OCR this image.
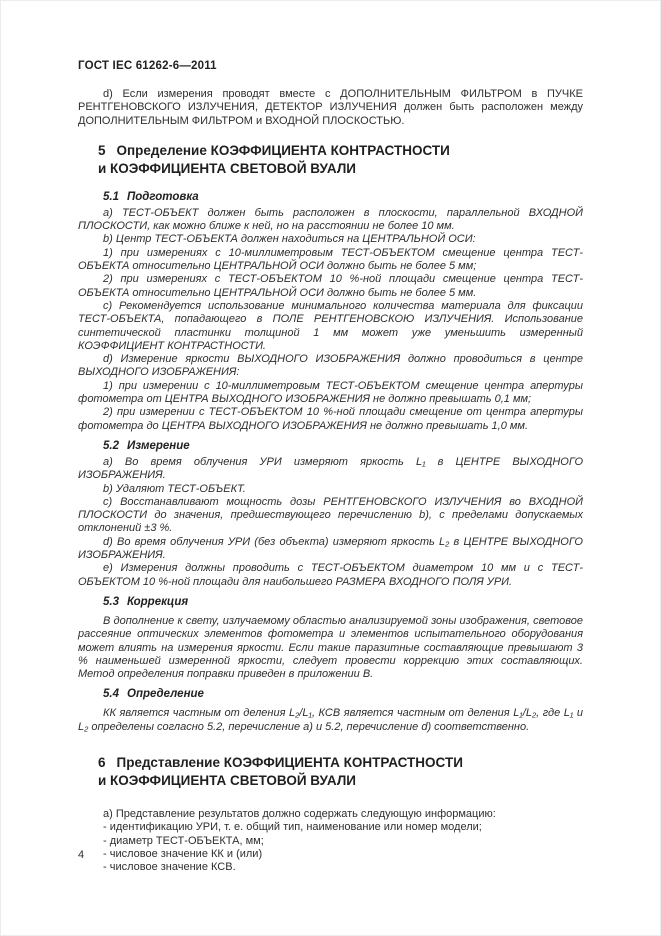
ГОСТ IEC 61262-6—2011

d) Если измерения проводят вместе с ДОПОЛНИТЕЛЬНЫМ ФИЛЬТРОМ в ПУЧКЕ РЕНТГЕНОВСКОГО ИЗЛУЧЕНИЯ, ДЕТЕКТОР ИЗЛУЧЕНИЯ должен быть расположен между ДОПОЛНИТЕЛЬНЫМ ФИЛЬТРОМ и ВХОДНОЙ ПЛОСКОСТЬЮ.

5 Определение КОЭФФИЦИЕНТА КОНТРАСТНОСТИ
и КОЭФФИЦИЕНТА СВЕТОВОЙ ВУАЛИ
5.1 Подготовка

a) ТЕСТ-ОБЪЕКТ должен быть расположен в плоскости, параллельной ВХОДНОЙ ПЛОСКОСТИ, как можно ближе к ней, но на расстоянии не более 10 мм.

b) Центр ТЕСТ-ОБЪЕКТА должен находиться на ЦЕНТРАЛЬНОЙ ОСИ:

1) при измерениях с 10-миллиметровым ТЕСТ-ОБЪЕКТОМ смещение центра ТЕСТ-ОБЪЕКТА относительно ЦЕНТРАЛЬНОЙ ОСИ должно быть не более 5 мм;

2) при измерениях с ТЕСТ-ОБЪЕКТОМ 10 %-ной площади смещение центра ТЕСТ-ОБЪЕКТА относительно ЦЕНТРАЛЬНОЙ ОСИ должно быть не более 5 мм.

c) Рекомендуется использование минимального количества материала для фиксации ТЕСТ-ОБЪЕКТА, попадающего в ПОЛЕ РЕНТГЕНОВСКОЮ ИЗЛУЧЕНИЯ. Использование синтетической пластинки толщиной 1 мм может уже уменьшить измеренный КОЭФФИЦИЕНТ КОНТРАСТНОСТИ.

d) Измерение яркости ВЫХОДНОГО ИЗОБРАЖЕНИЯ должно проводиться в центре ВЫХОДНОГО ИЗОБРАЖЕНИЯ:

1) при измерении с 10-миллиметровым ТЕСТ-ОБЪЕКТОМ смещение центра апертуры фотометра от ЦЕНТРА ВЫХОДНОГО ИЗОБРАЖЕНИЯ не должно превышать 0,1 мм;

2) при измерении с ТЕСТ-ОБЪЕКТОМ 10 %-ной площади смещение от центра апертуры фотометра до ЦЕНТРА ВЫХОДНОГО ИЗОБРАЖЕНИЯ не должно превышать 1,0 мм.

5.2 Измерение

a) Во время облучения УРИ измеряют яркость L₁ в ЦЕНТРЕ ВЫХОДНОГО ИЗОБРАЖЕНИЯ.

b) Удаляют ТЕСТ-ОБЪЕКТ.

c) Восстанавливают мощность дозы РЕНТГЕНОВСКОГО ИЗЛУЧЕНИЯ во ВХОДНОЙ ПЛОСКОСТИ до значения, предшествующего перечислению b), с пределами допускаемых отклонений ±3 %.

d) Во время облучения УРИ (без объекта) измеряют яркость L₂ в ЦЕНТРЕ ВЫХОДНОГО ИЗОБРАЖЕНИЯ.

e) Измерения должны проводить с ТЕСТ-ОБЪЕКТОМ диаметром 10 мм и с ТЕСТ-ОБЪЕКТОМ 10 %-ной площади для наибольшего РАЗМЕРА ВХОДНОГО ПОЛЯ УРИ.

5.3 Коррекция

В дополнение к свету, излучаемому областью анализируемой зоны изображения, световое рассеяние оптических элементов фотометра и элементов испытательного оборудования может влиять на измерения яркости. Если такие паразитные составляющие превышают 3 % наименьшей измеренной яркости, следует провести коррекцию этих составляющих. Метод определения поправки приведен в приложении B.

5.4 Определение

КК является частным от деления L₂/L₁, КСВ является частным от деления L₁/L₂, где L₁ и L₂ определены согласно 5.2, перечисление a) и 5.2, перечисление d) соответственно.

6 Представление КОЭФФИЦИЕНТА КОНТРАСТНОСТИ
и КОЭФФИЦИЕНТА СВЕТОВОЙ ВУАЛИ

a) Представление результатов должно содержать следующую информацию:

- идентификацию УРИ, т. е. общий тип, наименование или номер модели;

- диаметр ТЕСТ-ОБЪЕКТА, мм;

- числовое значение КК и (или)

- числовое значение КСВ.

4
